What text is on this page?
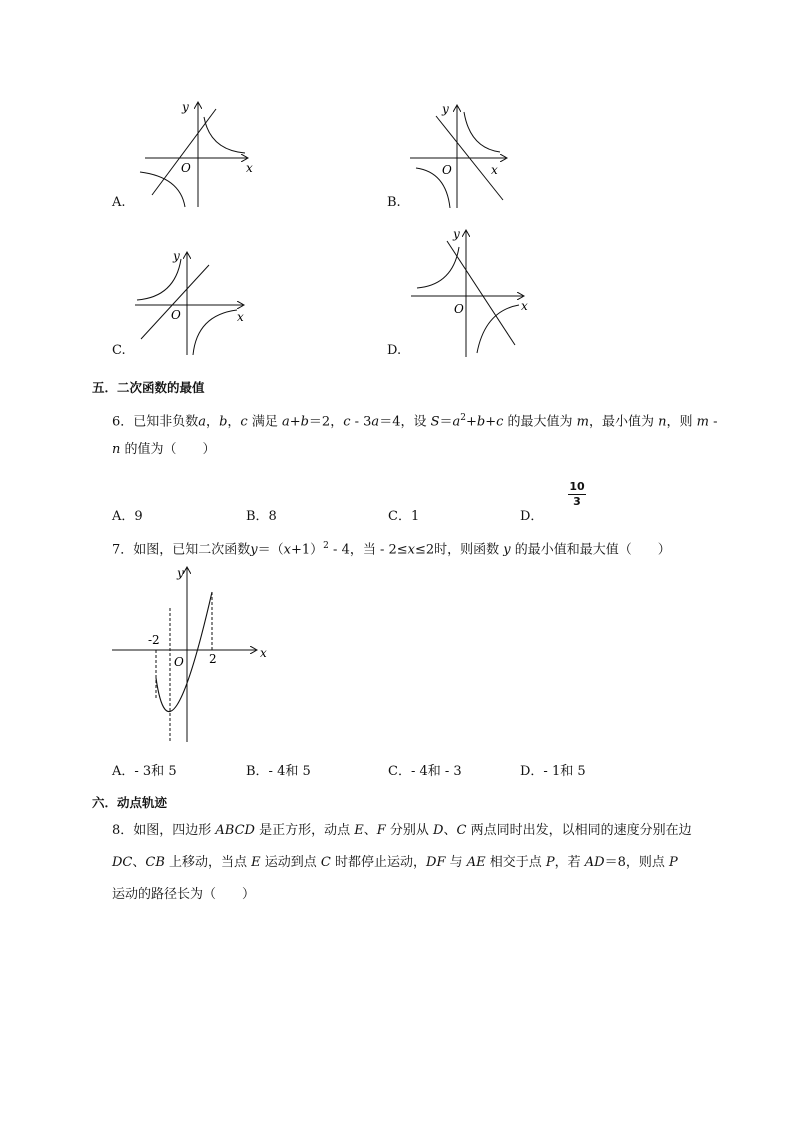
y
x
O
A.
y
x
O
B.
y
x
O
C.
y
x
O
D.
五．二次函数的最值
6．已知非负数a，b，c 满足 a+b＝2，c - 3a＝4，设 $S=a^2+b+c$ 的最大值为 m，最小值为 n，则 m -
n 的值为（　　）
A．9	B．8	C．1	D．
10
3
7．如图，已知二次函数$y=(x+1)^2 - 4$，当 - 2≤x≤2时，则函数 y 的最小值和最大值（　　）
-2
2	x
y
O
A．- 3和 5	B．- 4和 5	C．- 4和 - 3	D．- 1和 5
六．动点轨迹
8．如图，四边形 ABCD 是正方形，动点 E、F 分别从 D、C 两点同时出发，以相同的速度分别在边
DC、CB 上移动，当点 E 运动到点 C 时都停止运动，DF 与 AE 相交于点 P，若 AD＝8，则点 P
运动的路径长为（　　）
